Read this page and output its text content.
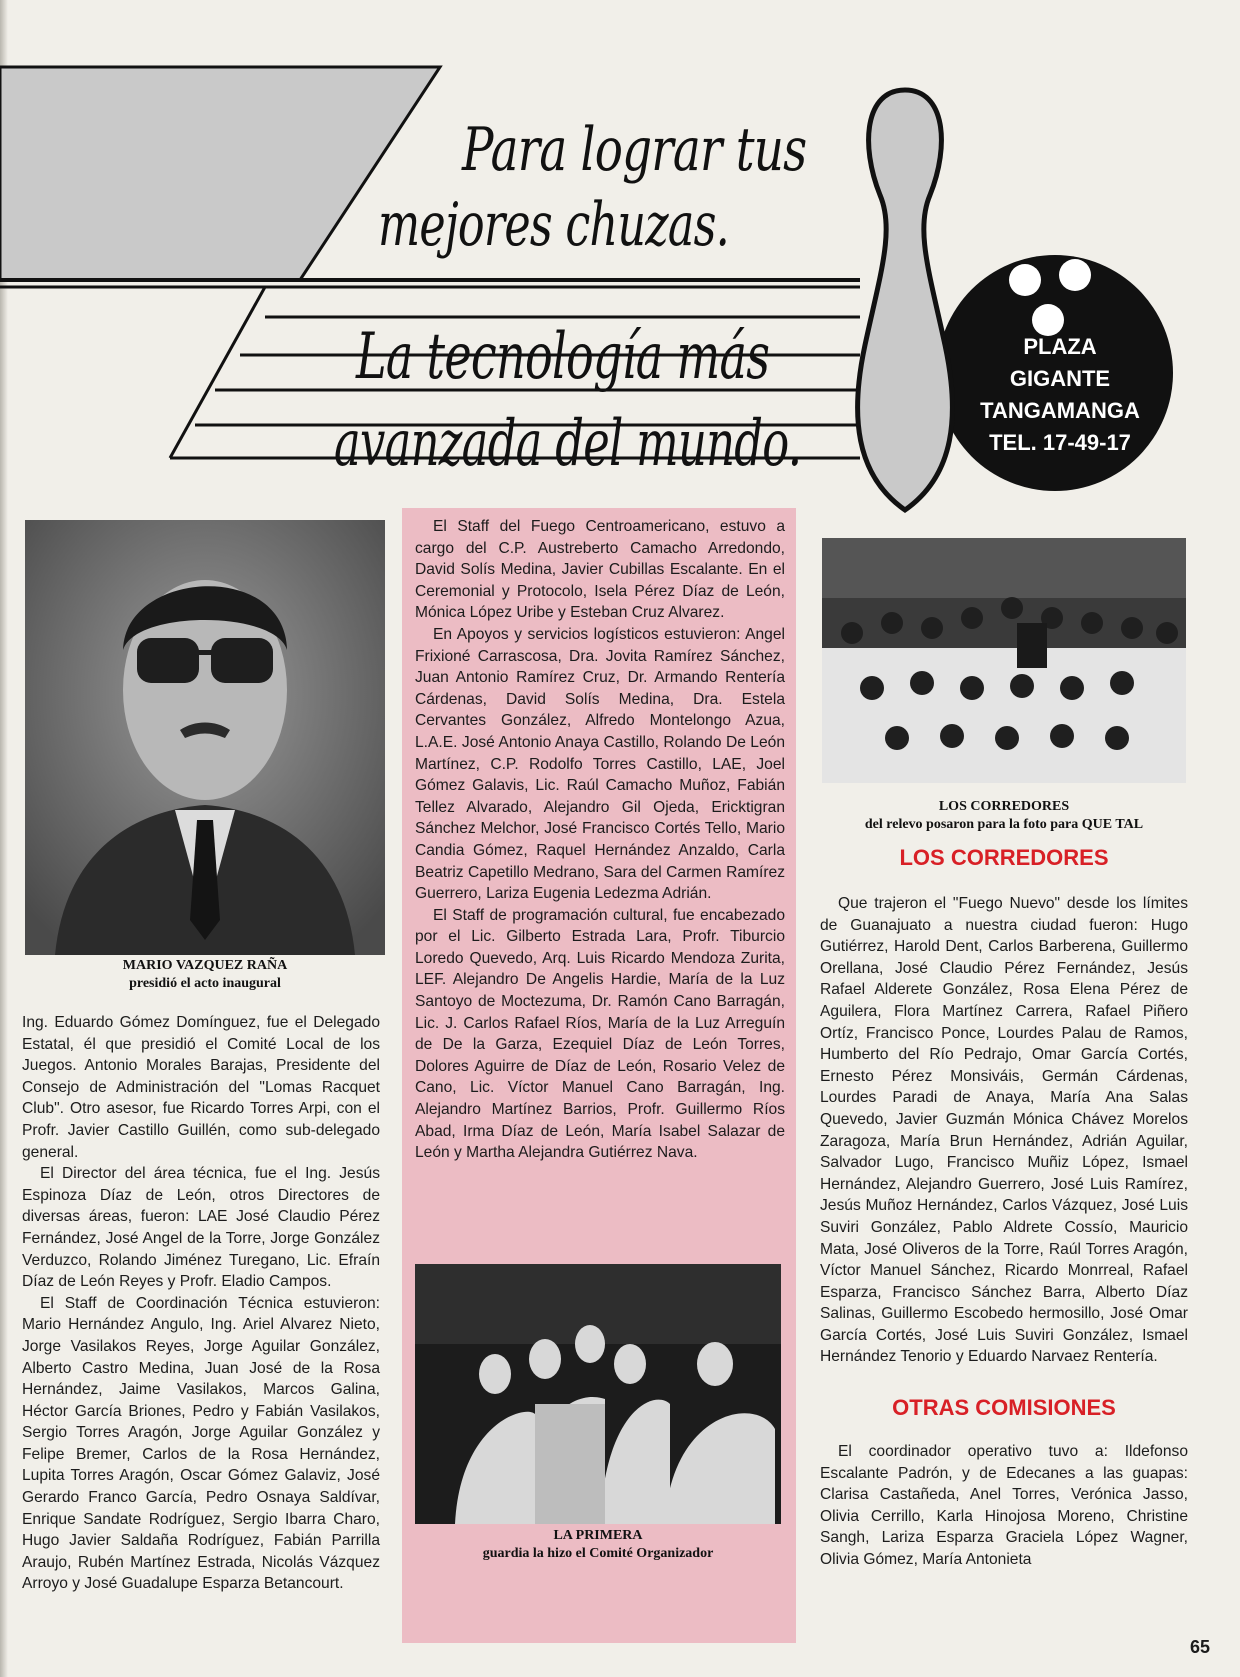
Para lograr tus
mejores chuzas.
La tecnología más
avanzada del mundo.
PLAZA
GIGANTE
TANGAMANGA
TEL. 17-49-17
MARIO VAZQUEZ RAÑA
presidió el acto inaugural

Ing. Eduardo Gómez Domínguez, fue el Delegado Estatal, él que presidió el Comité Local de los Juegos. Antonio Morales Barajas, Presidente del Consejo de Administración del "Lomas Racquet Club". Otro asesor, fue Ricardo Torres Arpi, con el Profr. Javier Castillo Guillén, como sub-delegado general.

El Director del área técnica, fue el Ing. Jesús Espinoza Díaz de León, otros Directores de diversas áreas, fueron: LAE José Claudio Pérez Fernández, José Angel de la Torre, Jorge González Verduzco, Rolando Jiménez Turegano, Lic. Efraín Díaz de León Reyes y Profr. Eladio Campos.

El Staff de Coordinación Técnica estuvieron: Mario Hernández Angulo, Ing. Ariel Alvarez Nieto, Jorge Vasilakos Reyes, Jorge Aguilar González, Alberto Castro Medina, Juan José de la Rosa Hernández, Jaime Vasilakos, Marcos Galina, Héctor García Briones, Pedro y Fabián Vasilakos, Sergio Torres Aragón, Jorge Aguilar González y Felipe Bremer, Carlos de la Rosa Hernández, Lupita Torres Aragón, Oscar Gómez Galaviz, José Gerardo Franco García, Pedro Osnaya Saldívar, Enrique Sandate Rodríguez, Sergio Ibarra Charo, Hugo Javier Saldaña Rodríguez, Fabián Parrilla Araujo, Rubén Martínez Estrada, Nicolás Vázquez Arroyo y José Guadalupe Esparza Betancourt.

El Staff del Fuego Centroamericano, estuvo a cargo del C.P. Austreberto Camacho Arredondo, David Solís Medina, Javier Cubillas Escalante. En el Ceremonial y Protocolo, Isela Pérez Díaz de León, Mónica López Uribe y Esteban Cruz Alvarez.

En Apoyos y servicios logísticos estuvieron: Angel Frixioné Carrascosa, Dra. Jovita Ramírez Sánchez, Juan Antonio Ramírez Cruz, Dr. Armando Rentería Cárdenas, David Solís Medina, Dra. Estela Cervantes González, Alfredo Montelongo Azua, L.A.E. José Antonio Anaya Castillo, Rolando De León Martínez, C.P. Rodolfo Torres Castillo, LAE, Joel Gómez Galavis, Lic. Raúl Camacho Muñoz, Fabián Tellez Alvarado, Alejandro Gil Ojeda, Ericktigran Sánchez Melchor, José Francisco Cortés Tello, Mario Candia Gómez, Raquel Hernández Anzaldo, Carla Beatriz Capetillo Medrano, Sara del Carmen Ramírez Guerrero, Lariza Eugenia Ledezma Adrián.

El Staff de programación cultural, fue encabezado por el Lic. Gilberto Estrada Lara, Profr. Tiburcio Loredo Quevedo, Arq. Luis Ricardo Mendoza Zurita, LEF. Alejandro De Angelis Hardie, María de la Luz Santoyo de Moctezuma, Dr. Ramón Cano Barragán, Lic. J. Carlos Rafael Ríos, María de la Luz Arreguín de De la Garza, Ezequiel Díaz de León Torres, Dolores Aguirre de Díaz de León, Rosario Velez de Cano, Lic. Víctor Manuel Cano Barragán, Ing. Alejandro Martínez Barrios, Profr. Guillermo Ríos Abad, Irma Díaz de León, María Isabel Salazar de León y Martha Alejandra Gutiérrez Nava.

LA PRIMERA
guardia la hizo el Comité Organizador
LOS CORREDORES
del relevo posaron para la foto para QUE TAL
LOS CORREDORES

Que trajeron el "Fuego Nuevo" desde los límites de Guanajuato a nuestra ciudad fueron: Hugo Gutiérrez, Harold Dent, Carlos Barberena, Guillermo Orellana, José Claudio Pérez Fernández, Jesús Rafael Alderete González, Rosa Elena Pérez de Aguilera, Flora Martínez Carrera, Rafael Piñero Ortíz, Francisco Ponce, Lourdes Palau de Ramos, Humberto del Río Pedrajo, Omar García Cortés, Ernesto Pérez Monsiváis, Germán Cárdenas, Lourdes Paradi de Anaya, María Ana Salas Quevedo, Javier Guzmán Mónica Chávez Morelos Zaragoza, María Brun Hernández, Adrián Aguilar, Salvador Lugo, Francisco Muñiz López, Ismael Hernández, Alejandro Guerrero, José Luis Ramírez, Jesús Muñoz Hernández, Carlos Vázquez, José Luis Suviri González, Pablo Aldrete Cossío, Mauricio Mata, José Oliveros de la Torre, Raúl Torres Aragón, Víctor Manuel Sánchez, Ricardo Monrreal, Rafael Esparza, Francisco Sánchez Barra, Alberto Díaz Salinas, Guillermo Escobedo hermosillo, José Omar García Cortés, José Luis Suviri González, Ismael Hernández Tenorio y Eduardo Narvaez Rentería.

OTRAS COMISIONES

El coordinador operativo tuvo a: Ildefonso Escalante Padrón, y de Edecanes a las guapas: Clarisa Castañeda, Anel Torres, Verónica Jasso, Olivia Cerrillo, Karla Hinojosa Moreno, Christine Sangh, Lariza Esparza Graciela López Wagner, Olivia Gómez, María Antonieta

65
